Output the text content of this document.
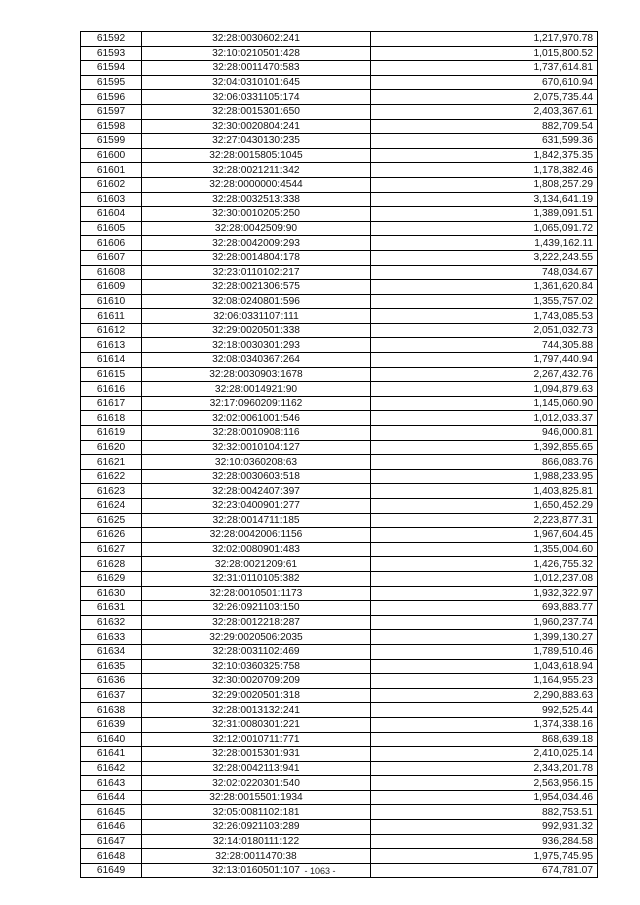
61592	32:28:0030602:241	1,217,970.78
61593	32:10:0210501:428	1,015,800.52
61594	32:28:0011470:583	1,737,614.81
61595	32:04:0310101:645	670,610.94
61596	32:06:0331105:174	2,075,735.44
61597	32:28:0015301:650	2,403,367.61
61598	32:30:0020804:241	882,709.54
61599	32:27:0430130:235	631,599.36
61600	32:28:0015805:1045	1,842,375.35
61601	32:28:0021211:342	1,178,382.46
61602	32:28:0000000:4544	1,808,257.29
61603	32:28:0032513:338	3,134,641.19
61604	32:30:0010205:250	1,389,091.51
61605	32:28:0042509:90	1,065,091.72
61606	32:28:0042009:293	1,439,162.11
61607	32:28:0014804:178	3,222,243.55
61608	32:23:0110102:217	748,034.67
61609	32:28:0021306:575	1,361,620.84
61610	32:08:0240801:596	1,355,757.02
61611	32:06:0331107:111	1,743,085.53
61612	32:29:0020501:338	2,051,032.73
61613	32:18:0030301:293	744,305.88
61614	32:08:0340367:264	1,797,440.94
61615	32:28:0030903:1678	2,267,432.76
61616	32:28:0014921:90	1,094,879.63
61617	32:17:0960209:1162	1,145,060.90
61618	32:02:0061001:546	1,012,033.37
61619	32:28:0010908:116	946,000.81
61620	32:32:0010104:127	1,392,855.65
61621	32:10:0360208:63	866,083.76
61622	32:28:0030603:518	1,988,233.95
61623	32:28:0042407:397	1,403,825.81
61624	32:23:0400901:277	1,650,452.29
61625	32:28:0014711:185	2,223,877.31
61626	32:28:0042006:1156	1,967,604.45
61627	32:02:0080901:483	1,355,004.60
61628	32:28:0021209:61	1,426,755.32
61629	32:31:0110105:382	1,012,237.08
61630	32:28:0010501:1173	1,932,322.97
61631	32:26:0921103:150	693,883.77
61632	32:28:0012218:287	1,960,237.74
61633	32:29:0020506:2035	1,399,130.27
61634	32:28:0031102:469	1,789,510.46
61635	32:10:0360325:758	1,043,618.94
61636	32:30:0020709:209	1,164,955.23
61637	32:29:0020501:318	2,290,883.63
61638	32:28:0013132:241	992,525.44
61639	32:31:0080301:221	1,374,338.16
61640	32:12:0010711:771	868,639.18
61641	32:28:0015301:931	2,410,025.14
61642	32:28:0042113:941	2,343,201.78
61643	32:02:0220301:540	2,563,956.15
61644	32:28:0015501:1934	1,954,034.46
61645	32:05:0081102:181	882,753.51
61646	32:26:0921103:289	992,931.32
61647	32:14:0180111:122	936,284.58
61648	32:28:0011470:38	1,975,745.95
61649	32:13:0160501:107	674,781.07
- 1063 -
